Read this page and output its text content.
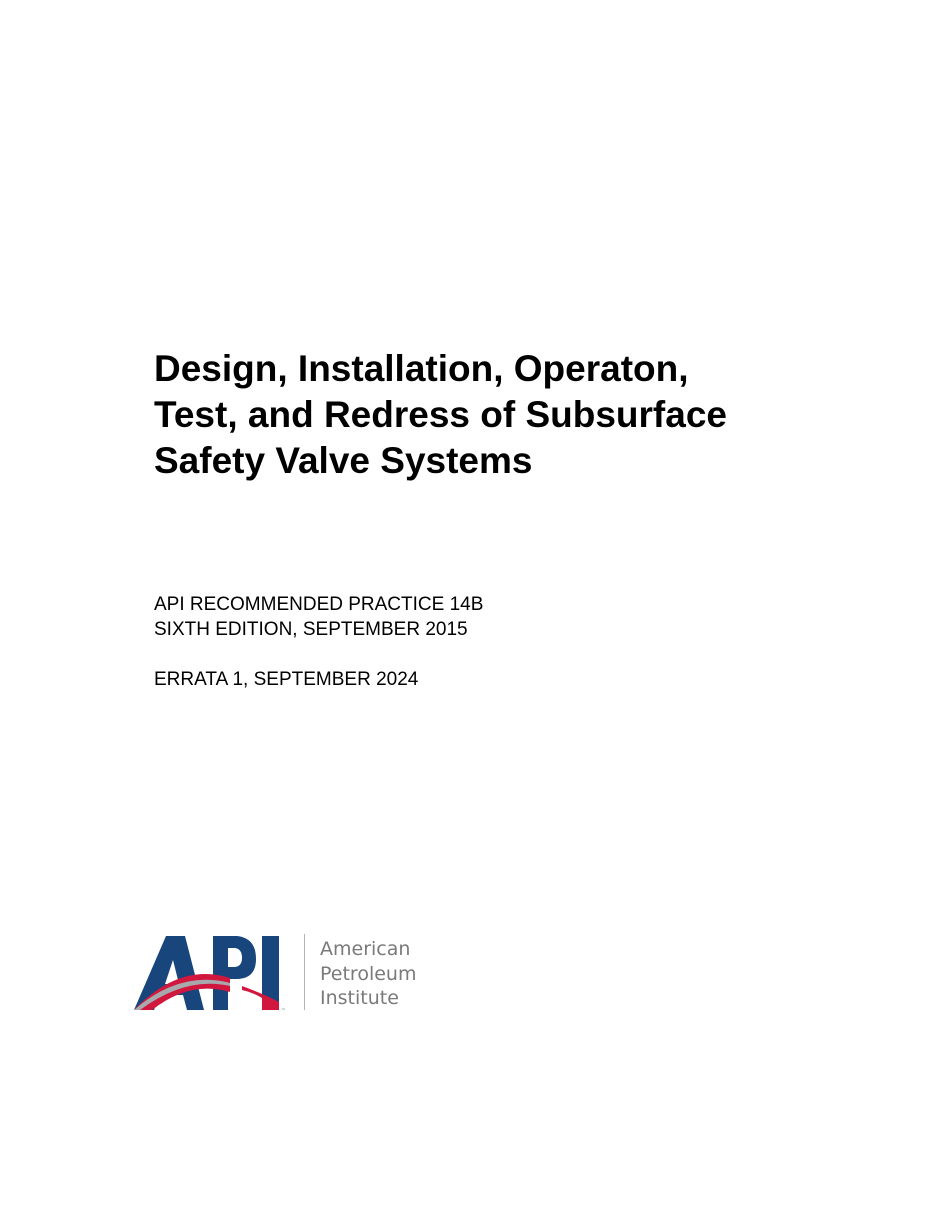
Design, Installation, Operaton,
Test, and Redress of Subsurface
Safety Valve Systems
API RECOMMENDED PRACTICE 14B
SIXTH EDITION, SEPTEMBER 2015
ERRATA 1, SEPTEMBER 2024
™
American
Petroleum
Institute
